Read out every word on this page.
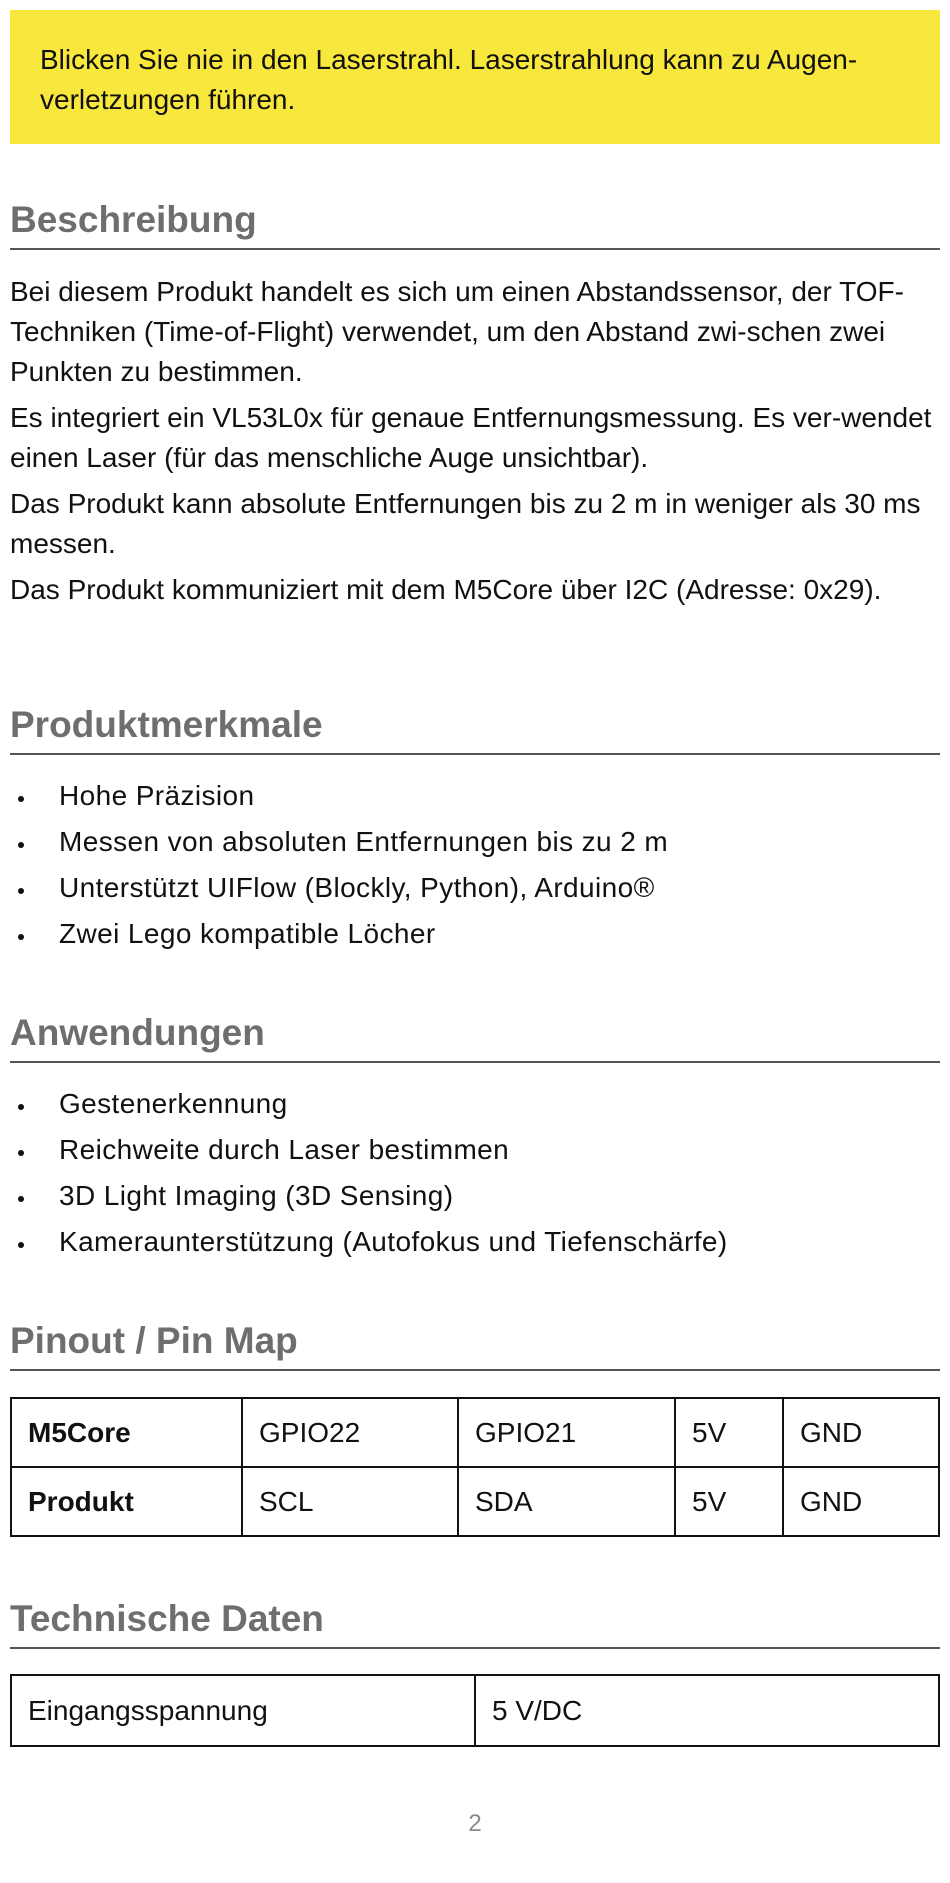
Blicken Sie nie in den Laserstrahl. Laserstrahlung kann zu Augen-verletzungen führen.
Beschreibung

Bei diesem Produkt handelt es sich um einen Abstandssensor, der TOF-Techniken (Time-of-Flight) verwendet, um den Abstand zwi-schen zwei Punkten zu bestimmen.

Es integriert ein VL53L0x für genaue Entfernungsmessung. Es ver-wendet einen Laser (für das menschliche Auge unsichtbar).

Das Produkt kann absolute Entfernungen bis zu 2 m in weniger als 30 ms messen.

Das Produkt kommuniziert mit dem M5Core über I2C (Adresse: 0x29).

Produktmerkmale
Hohe Präzision
Messen von absoluten Entfernungen bis zu 2 m
Unterstützt UIFlow (Blockly, Python), Arduino®
Zwei Lego kompatible Löcher
Anwendungen
Gestenerkennung
Reichweite durch Laser bestimmen
3D Light Imaging (3D Sensing)
Kameraunterstützung (Autofokus und Tiefenschärfe)
Pinout / Pin Map
M5Core	GPIO22	GPIO21	5V	GND
Produkt	SCL	SDA	5V	GND
Technische Daten
Eingangsspannung	5 V/DC
2
